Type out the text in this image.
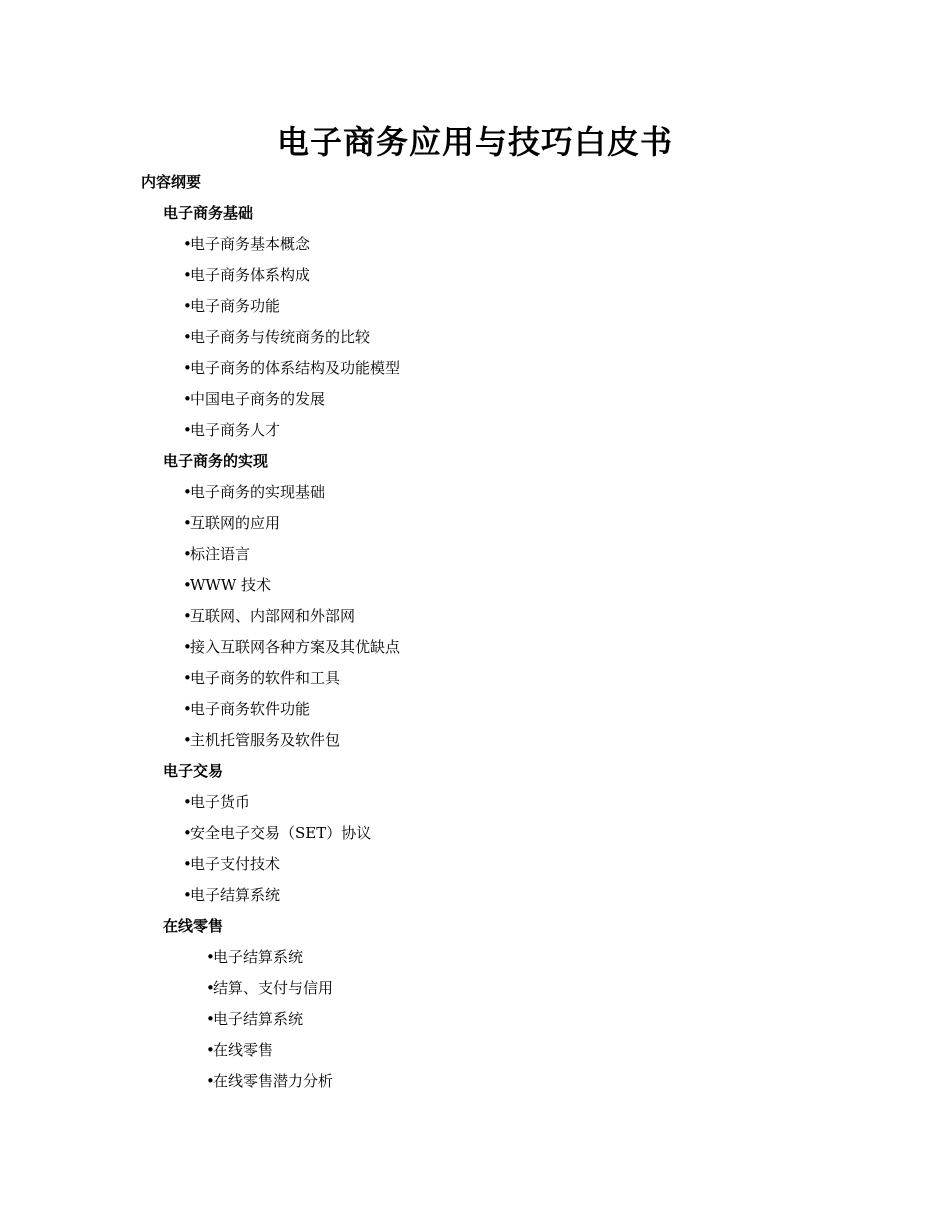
电子商务应用与技巧白皮书
内容纲要
电子商务基础
•电子商务基本概念
•电子商务体系构成
•电子商务功能
•电子商务与传统商务的比较
•电子商务的体系结构及功能模型
•中国电子商务的发展
•电子商务人才
电子商务的实现
•电子商务的实现基础
•互联网的应用
•标注语言
•WWW 技术
•互联网、内部网和外部网
•接入互联网各种方案及其优缺点
•电子商务的软件和工具
•电子商务软件功能
•主机托管服务及软件包
电子交易
•电子货币
•安全电子交易（SET）协议
•电子支付技术
•电子结算系统
在线零售
•电子结算系统
•结算、支付与信用
•电子结算系统
•在线零售
•在线零售潜力分析
